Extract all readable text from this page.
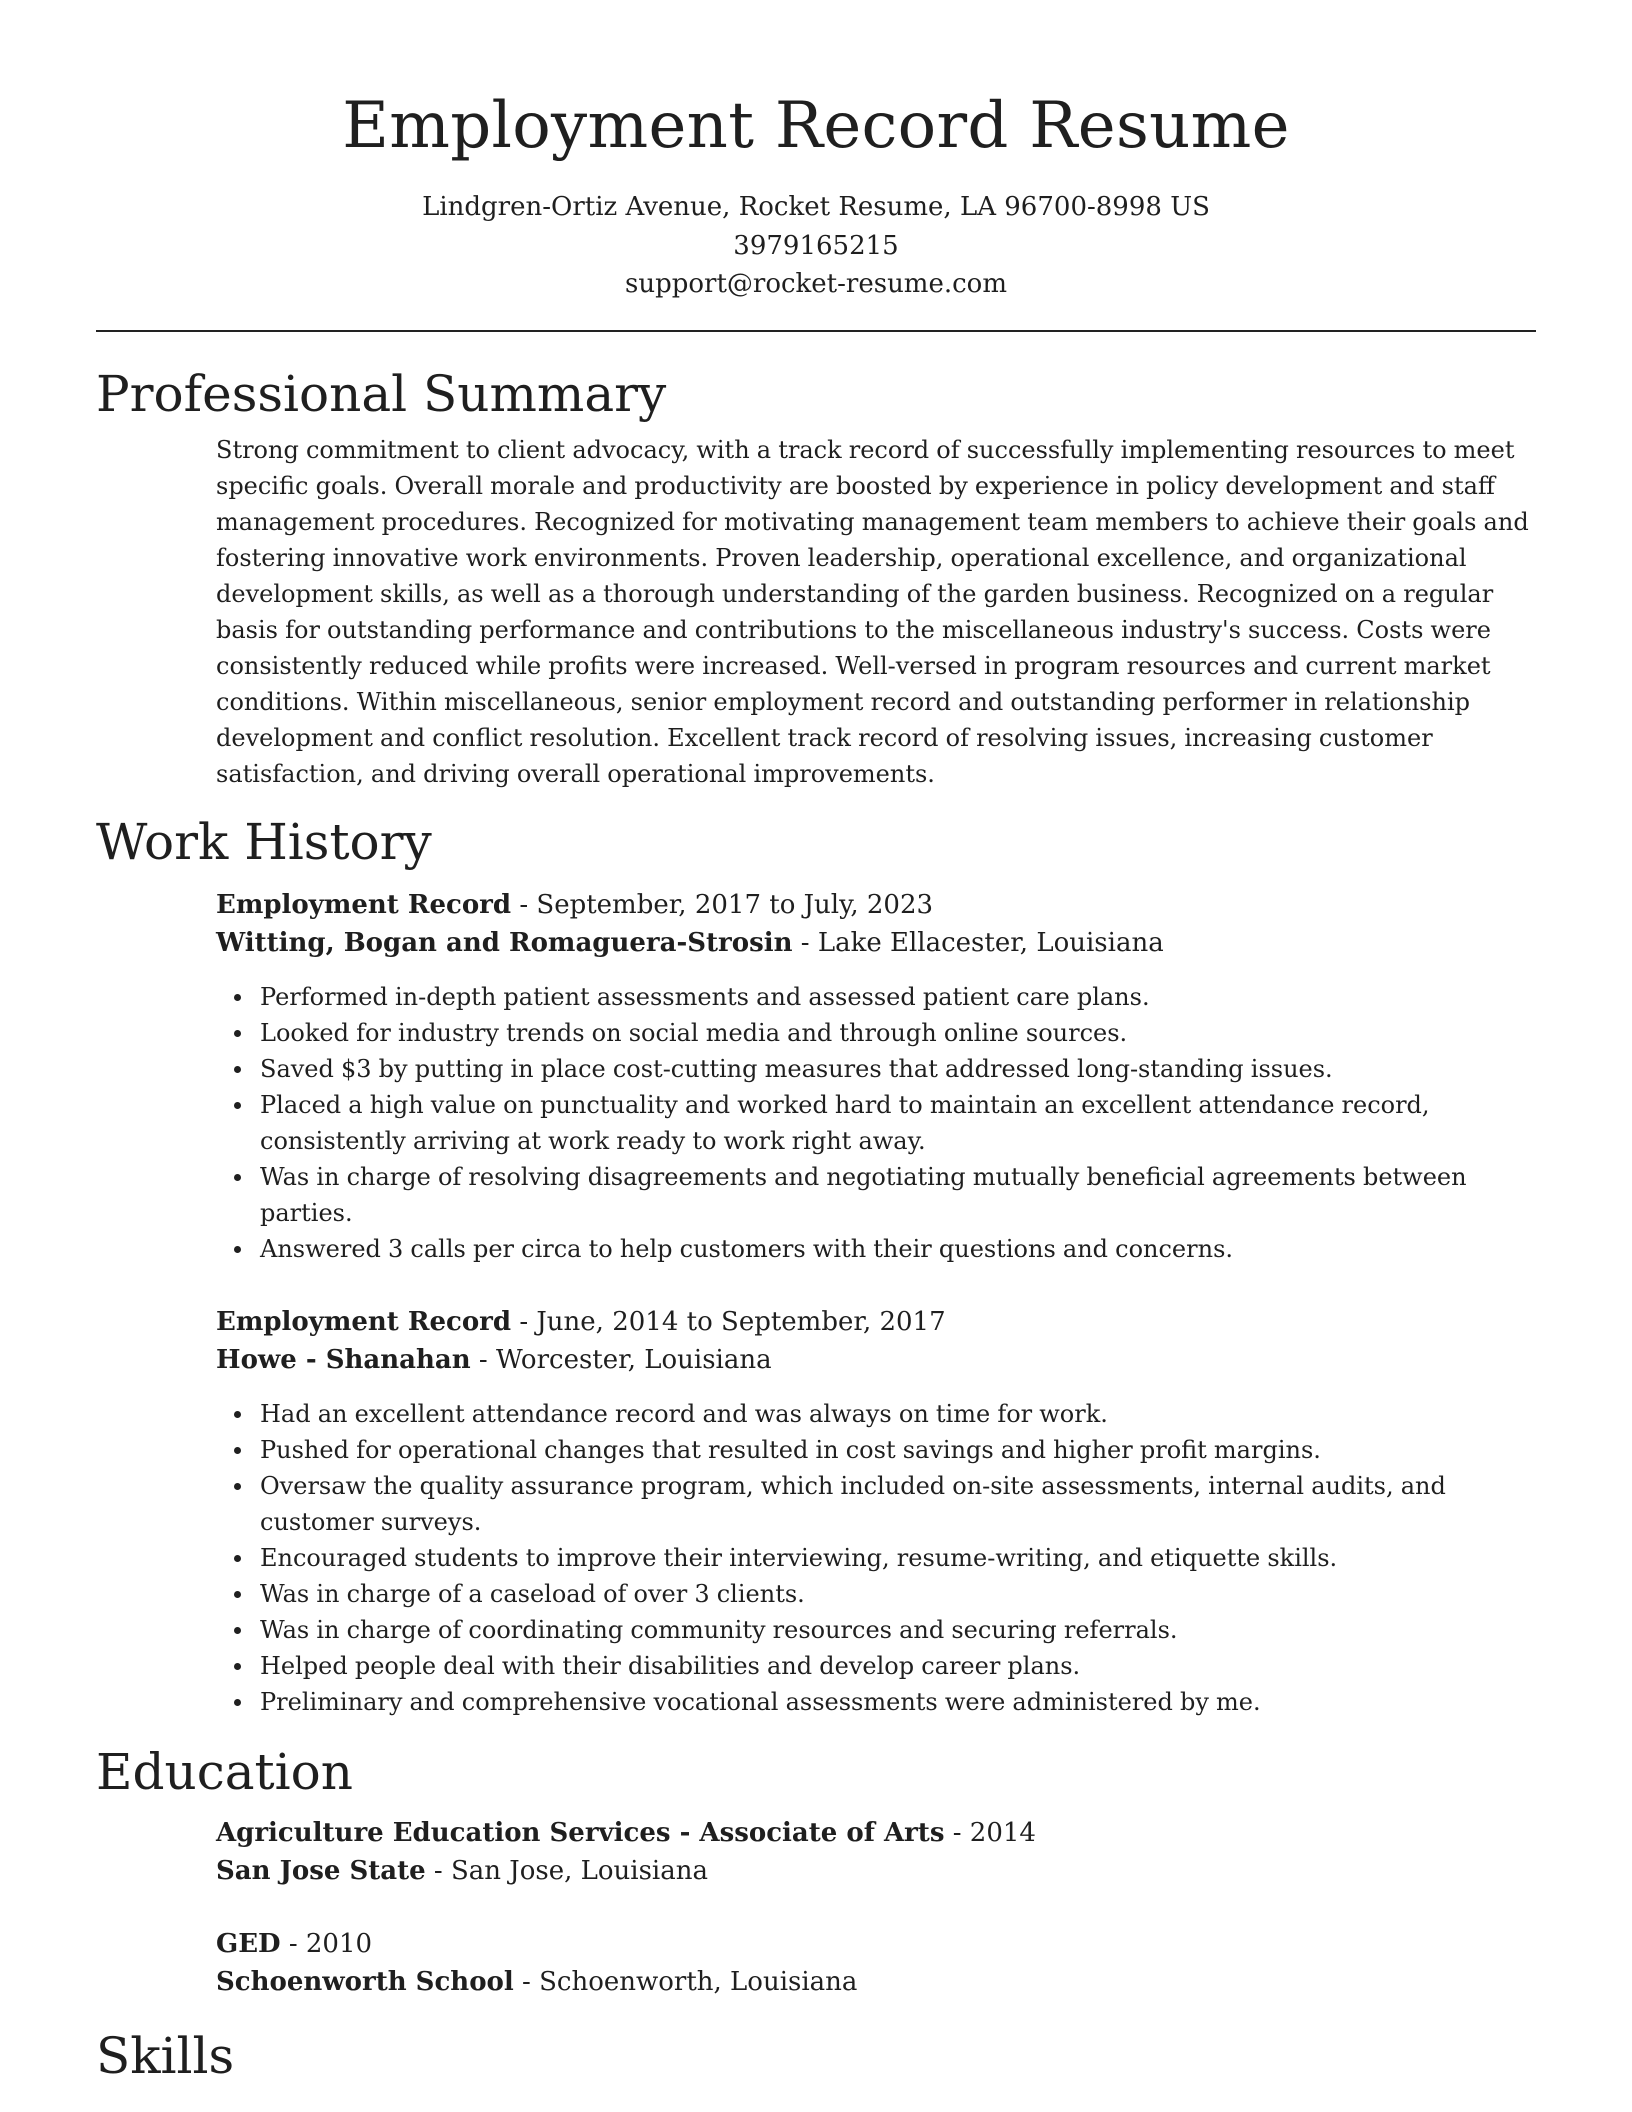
Employment Record Resume
Lindgren-Ortiz Avenue, Rocket Resume, LA 96700-8998 US
3979165215
support@rocket-resume.com
Professional Summary
Strong commitment to client advocacy, with a track record of successfully implementing resources to meet specific goals. Overall morale and productivity are boosted by experience in policy development and staff management procedures. Recognized for motivating management team members to achieve their goals and fostering innovative work environments. Proven leadership, operational excellence, and organizational development skills, as well as a thorough understanding of the garden business. Recognized on a regular basis for outstanding performance and contributions to the miscellaneous industry's success. Costs were consistently reduced while profits were increased. Well-versed in program resources and current market conditions. Within miscellaneous, senior employment record and outstanding performer in relationship development and conflict resolution. Excellent track record of resolving issues, increasing customer satisfaction, and driving overall operational improvements.
Work History
Employment Record - September, 2017 to July, 2023
Witting, Bogan and Romaguera-Strosin - Lake Ellacester, Louisiana
Performed in-depth patient assessments and assessed patient care plans.
Looked for industry trends on social media and through online sources.
Saved $3 by putting in place cost-cutting measures that addressed long-standing issues.
Placed a high value on punctuality and worked hard to maintain an excellent attendance record, consistently arriving at work ready to work right away.
Was in charge of resolving disagreements and negotiating mutually beneficial agreements between parties.
Answered 3 calls per circa to help customers with their questions and concerns.
Employment Record - June, 2014 to September, 2017
Howe - Shanahan - Worcester, Louisiana
Had an excellent attendance record and was always on time for work.
Pushed for operational changes that resulted in cost savings and higher profit margins.
Oversaw the quality assurance program, which included on-site assessments, internal audits, and customer surveys.
Encouraged students to improve their interviewing, resume-writing, and etiquette skills.
Was in charge of a caseload of over 3 clients.
Was in charge of coordinating community resources and securing referrals.
Helped people deal with their disabilities and develop career plans.
Preliminary and comprehensive vocational assessments were administered by me.
Education
Agriculture Education Services - Associate of Arts - 2014
San Jose State - San Jose, Louisiana
GED - 2010
Schoenworth School - Schoenworth, Louisiana
Skills
